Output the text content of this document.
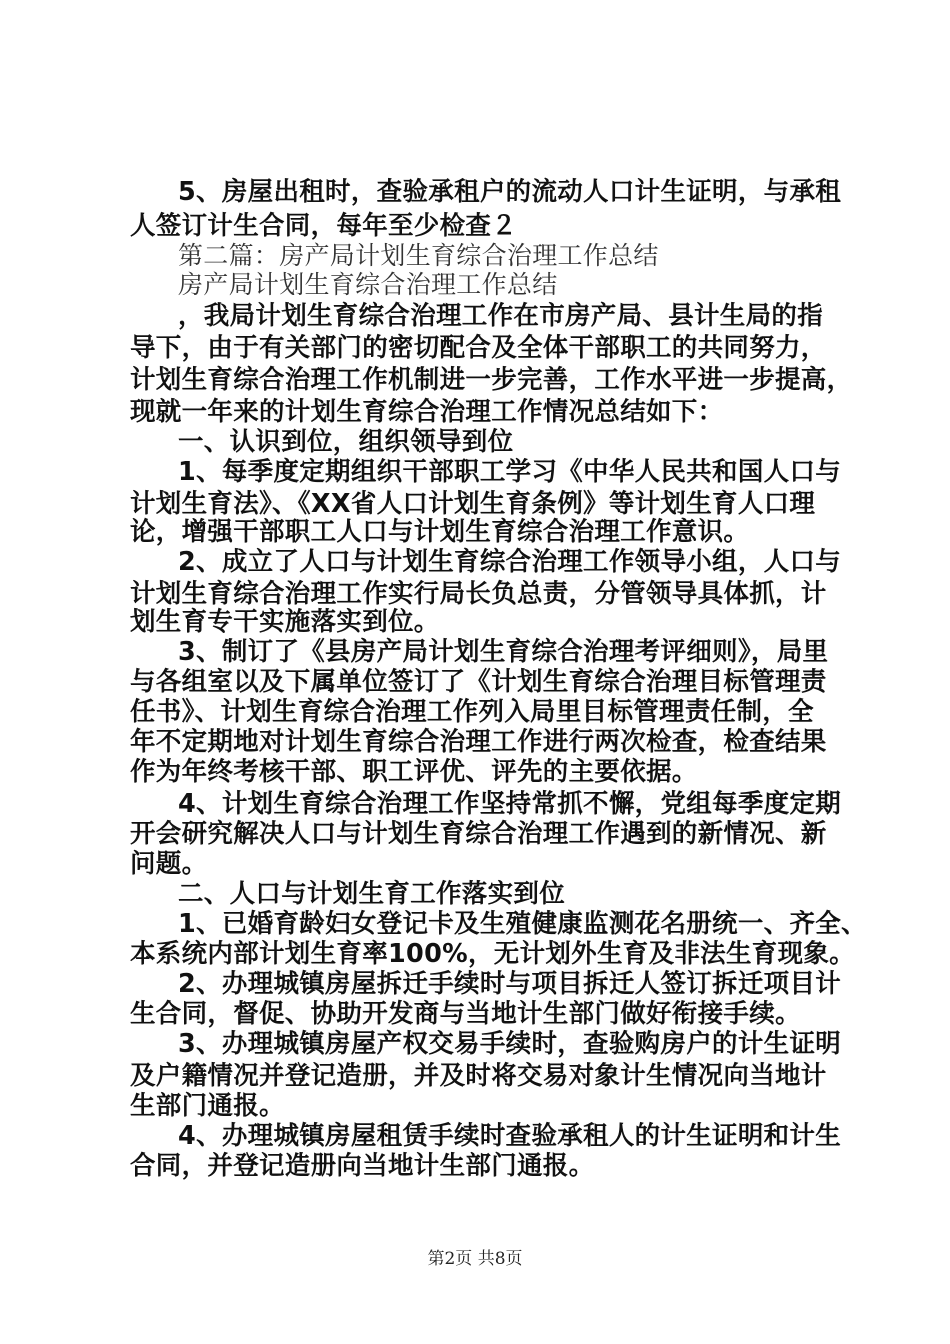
5、房屋出租时，查验承租户的流动人口计生证明，与承租
人签订计生合同，每年至少检查２
第二篇：房产局计划生育综合治理工作总结
房产局计划生育综合治理工作总结
，我局计划生育综合治理工作在市房产局、县计生局的指
导下，由于有关部门的密切配合及全体干部职工的共同努力，
计划生育综合治理工作机制进一步完善，工作水平进一步提高，
现就一年来的计划生育综合治理工作情况总结如下：
一、认识到位，组织领导到位
1、每季度定期组织干部职工学习《中华人民共和国人口与
计划生育法》、《XX省人口计划生育条例》等计划生育人口理
论，增强干部职工人口与计划生育综合治理工作意识。
2、成立了人口与计划生育综合治理工作领导小组，人口与
计划生育综合治理工作实行局长负总责，分管领导具体抓，计
划生育专干实施落实到位。
3、制订了《县房产局计划生育综合治理考评细则》，局里
与各组室以及下属单位签订了《计划生育综合治理目标管理责
任书》、计划生育综合治理工作列入局里目标管理责任制，全
年不定期地对计划生育综合治理工作进行两次检查，检查结果
作为年终考核干部、职工评优、评先的主要依据。
4、计划生育综合治理工作坚持常抓不懈，党组每季度定期
开会研究解决人口与计划生育综合治理工作遇到的新情况、新
问题。
二、人口与计划生育工作落实到位
1、已婚育龄妇女登记卡及生殖健康监测花名册统一、齐全、
本系统内部计划生育率100%，无计划外生育及非法生育现象。
2、办理城镇房屋拆迁手续时与项目拆迁人签订拆迁项目计
生合同，督促、协助开发商与当地计生部门做好衔接手续。
3、办理城镇房屋产权交易手续时，查验购房户的计生证明
及户籍情况并登记造册，并及时将交易对象计生情况向当地计
生部门通报。
4、办理城镇房屋租赁手续时查验承租人的计生证明和计生
合同，并登记造册向当地计生部门通报。
第2页 共8页
